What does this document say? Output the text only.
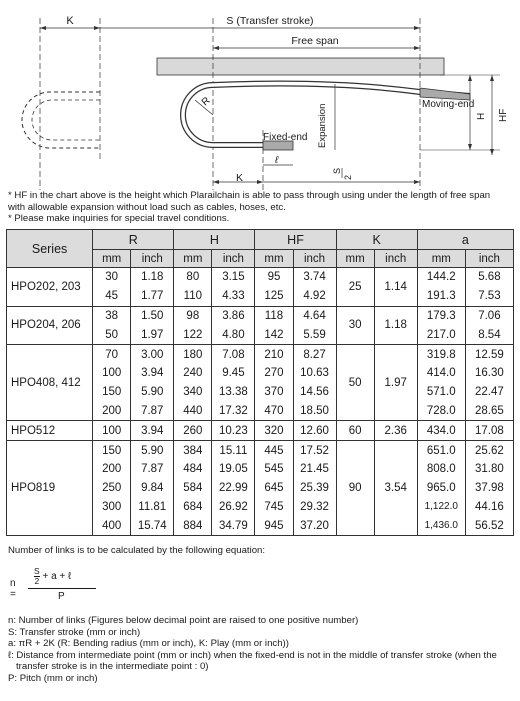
K	S (Transfer stroke)
Free span
R
Expansion	Moving-end
H HF
Fixed-end
ℓ
K
S
2

* HF in the chart above is the height which Plarailchain is able to pass through using under the length of free span

with allowable expansion without load such as cables, hoses, etc.

* Please make inquiries for special travel conditions.

Series	R		H		HF		K		a	
	mm	inch	mm	inch	mm	inch	mm	inch	mm	inch
HPO202, 203	30	1.18	80	3.15	95	3.74	25	1.14	144.2	5.68
	45	1.77	110	4.33	125	4.92			191.3	7.53
HPO204, 206	38	1.50	98	3.86	118	4.64	30	1.18	179.3	7.06
	50	1.97	122	4.80	142	5.59			217.0	8.54
HPO408, 412	70	3.00	180	7.08	210	8.27	50	1.97	319.8	12.59
	100	3.94	240	9.45	270	10.63			414.0	16.30
	150	5.90	340	13.38	370	14.56			571.0	22.47
	200	7.87	440	17.32	470	18.50			728.0	28.65
HPO512	100	3.94	260	10.23	320	12.60	60	2.36	434.0	17.08
HPO819	150	5.90	384	15.11	445	17.52	90	3.54	651.0	25.62
	200	7.87	484	19.05	545	21.45			808.0	31.80
	250	9.84	584	22.99	645	25.39			965.0	37.98
	300	11.81	684	26.92	745	29.32			1,122.0	44.16
	400	15.74	884	34.79	945	37.20			1,436.0	56.52
Number of links is to be calculated by the following equation:
n =
$\frac{S}{2} + a$ + ℓ
P

n: Number of links (Figures below decimal point are raised to one positive number)

S: Transfer stroke (mm or inch)

a: πR + 2K (R: Bending radius (mm or inch), K: Play (mm or inch))

ℓ: Distance from intermediate point (mm or inch) when the fixed-end is not in the middle of transfer stroke (when the

transfer stroke is in the intermediate point : 0)

P: Pitch (mm or inch)
